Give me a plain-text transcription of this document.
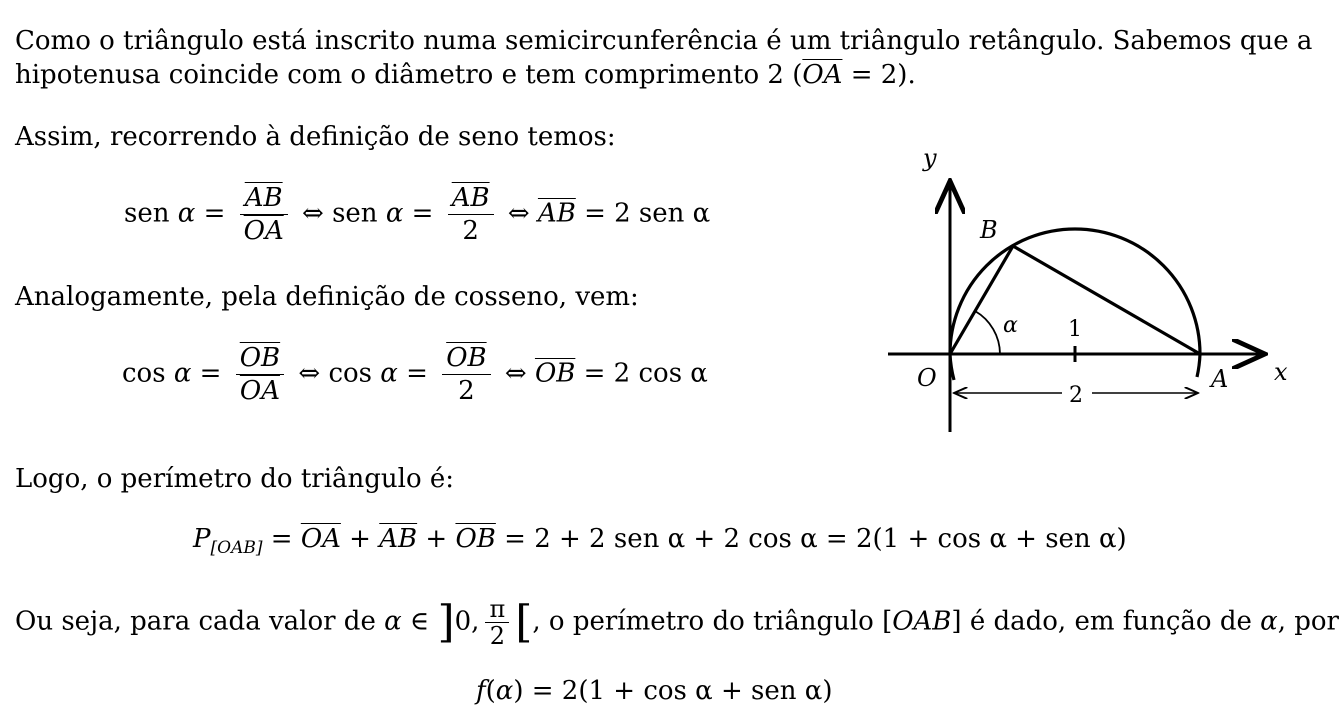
Como o triângulo está inscrito numa semicircunferência é um triângulo retângulo. Sabemos que a
hipotenusa coincide com o diâmetro e tem comprimento 2 $(\overline{OA} = 2)$.
Assim, recorrendo à definição de seno temos:
sen $\alpha = \frac{\overline{AB}}{OA}$ ⇔ sen $\alpha = \frac{\overline{AB}}{2}$ ⇔ $\overline{AB} = 2$ sen α
Analogamente, pela definição de cosseno, vem:
$\cos \alpha = \frac{\overline{OB}}{OA}$ ⇔ $\cos \alpha = \frac{\overline{OB}}{2}$ ⇔ $\overline{OB} = 2$ cos α
Logo, o perímetro do triângulo é:
$P_{[OAB]} = \overline{OA} + \overline{AB} + \overline{OB} = 2 + 2$ sen α + 2 cos α = 2(1 + cos α + sen α)
Ou seja, para cada valor de α ∈ ]0, $\frac{\pi}{2}$ [, o perímetro do triângulo [OAB] é dado, em função de α, por
f(α) = 2(1 + cos α + sen α)
y
x
O	A
B
α 1
2
